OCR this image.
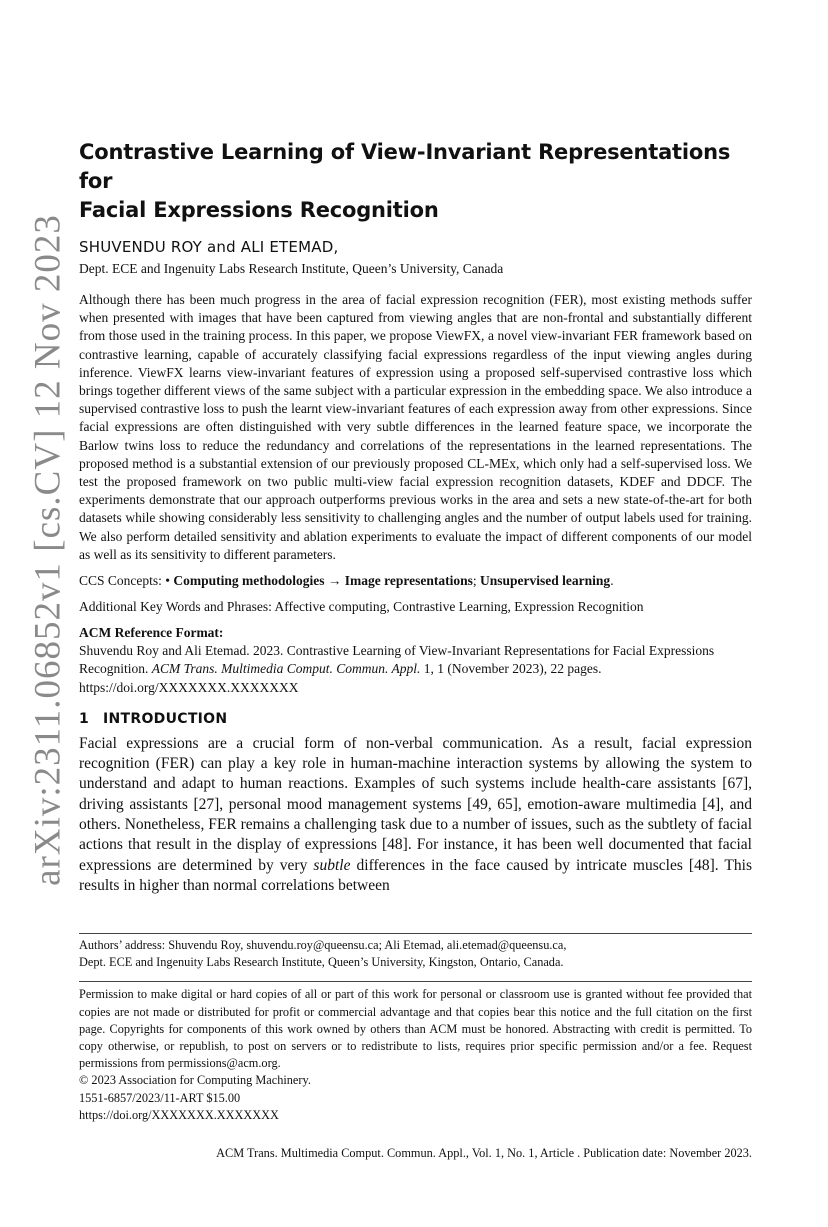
arXiv:2311.06852v1 [cs.CV] 12 Nov 2023
Contrastive Learning of View-Invariant Representations for
Facial Expressions Recognition

SHUVENDU ROY and ALI ETEMAD,

Dept. ECE and Ingenuity Labs Research Institute, Queen’s University, Canada

Although there has been much progress in the area of facial expression recognition (FER), most existing methods suffer when presented with images that have been captured from viewing angles that are non-frontal and substantially different from those used in the training process. In this paper, we propose ViewFX, a novel view-invariant FER framework based on contrastive learning, capable of accurately classifying facial expressions regardless of the input viewing angles during inference. ViewFX learns view-invariant features of expression using a proposed self-supervised contrastive loss which brings together different views of the same subject with a particular expression in the embedding space. We also introduce a supervised contrastive loss to push the learnt view-invariant features of each expression away from other expressions. Since facial expressions are often distinguished with very subtle differences in the learned feature space, we incorporate the Barlow twins loss to reduce the redundancy and correlations of the representations in the learned representations. The proposed method is a substantial extension of our previously proposed CL-MEx, which only had a self-supervised loss. We test the proposed framework on two public multi-view facial expression recognition datasets, KDEF and DDCF. The experiments demonstrate that our approach outperforms previous works in the area and sets a new state-of-the-art for both datasets while showing considerably less sensitivity to challenging angles and the number of output labels used for training. We also perform detailed sensitivity and ablation experiments to evaluate the impact of different components of our model as well as its sensitivity to different parameters.

CCS Concepts: • Computing methodologies → Image representations; Unsupervised learning.

Additional Key Words and Phrases: Affective computing, Contrastive Learning, Expression Recognition

ACM Reference Format:
Shuvendu Roy and Ali Etemad. 2023. Contrastive Learning of View-Invariant Representations for Facial Expressions Recognition. ACM Trans. Multimedia Comput. Commun. Appl. 1, 1 (November 2023), 22 pages. https://doi.org/XXXXXXX.XXXXXXX
1 INTRODUCTION

Facial expressions are a crucial form of non-verbal communication. As a result, facial expression recognition (FER) can play a key role in human-machine interaction systems by allowing the system to understand and adapt to human reactions. Examples of such systems include health-care assistants [67], driving assistants [27], personal mood management systems [49, 65], emotion-aware multimedia [4], and others. Nonetheless, FER remains a challenging task due to a number of issues, such as the subtlety of facial actions that result in the display of expressions [48]. For instance, it has been well documented that facial expressions are determined by very subtle differences in the face caused by intricate muscles [48]. This results in higher than normal correlations between

Authors’ address: Shuvendu Roy, shuvendu.roy@queensu.ca; Ali Etemad, ali.etemad@queensu.ca,
Dept. ECE and Ingenuity Labs Research Institute, Queen’s University, Kingston, Ontario, Canada.
Permission to make digital or hard copies of all or part of this work for personal or classroom use is granted without fee provided that copies are not made or distributed for profit or commercial advantage and that copies bear this notice and the full citation on the first page. Copyrights for components of this work owned by others than ACM must be honored. Abstracting with credit is permitted. To copy otherwise, or republish, to post on servers or to redistribute to lists, requires prior specific permission and/or a fee. Request permissions from permissions@acm.org.
© 2023 Association for Computing Machinery.
1551-6857/2023/11-ART $15.00
https://doi.org/XXXXXXX.XXXXXXX
ACM Trans. Multimedia Comput. Commun. Appl., Vol. 1, No. 1, Article . Publication date: November 2023.
